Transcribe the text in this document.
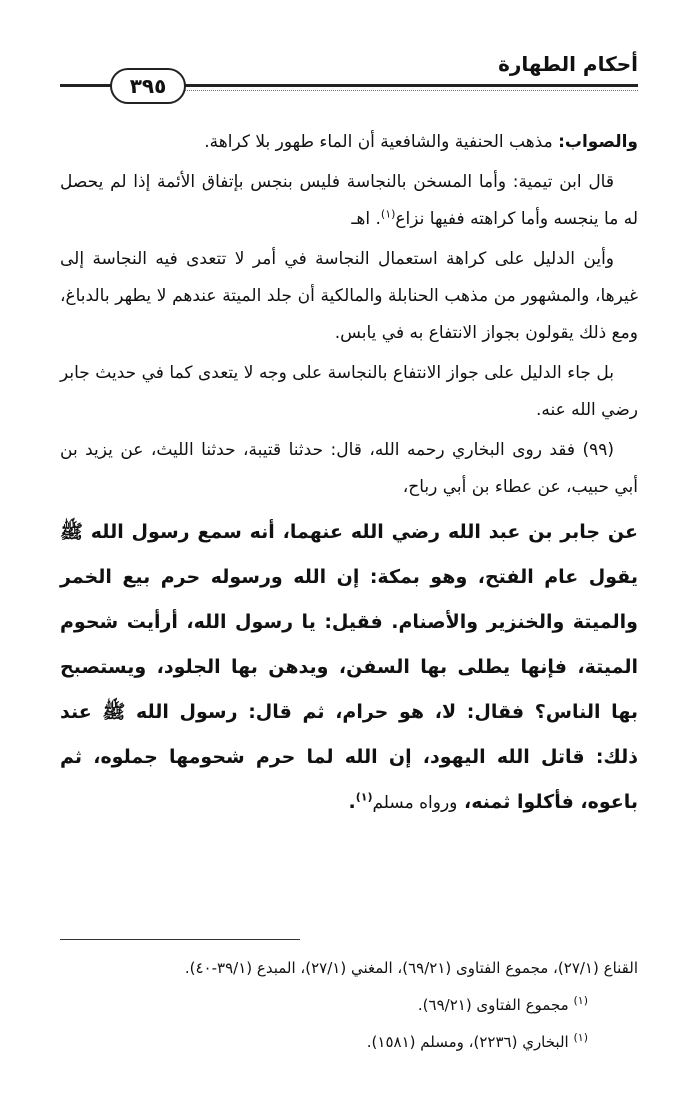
أحكام الطهارة
٣٩٥

والصواب: مذهب الحنفية والشافعية أن الماء طهور بلا كراهة.

قال ابن تيمية: وأما المسخن بالنجاسة فليس بنجس بإتفاق الأئمة إذا لم يحصل له ما ينجسه وأما كراهته ففيها نزاع$^{(١)}$. اهـ

وأين الدليل على كراهة استعمال النجاسة في أمر لا تتعدى فيه النجاسة إلى غيرها، والمشهور من مذهب الحنابلة والمالكية أن جلد الميتة عندهم لا يطهر بالدباغ، ومع ذلك يقولون بجواز الانتفاع به في يابس.

بل جاء الدليل على جواز الانتفاع بالنجاسة على وجه لا يتعدى كما في حديث جابر رضي الله عنه.

(٩٩) فقد روى البخاري رحمه الله، قال: حدثنا قتيبة، حدثنا الليث، عن يزيد بن أبي حبيب، عن عطاء بن أبي رباح،

عن جابر بن عبد الله رضي الله عنهما، أنه سمع رسول الله ﷺ يقول عام الفتح، وهو بمكة: إن الله ورسوله حرم بيع الخمر والميتة والخنزير والأصنام. فقيل: يا رسول الله، أرأيت شحوم الميتة، فإنها يطلى بها السفن، ويدهن بها الجلود، ويستصبح بها الناس؟ فقال: لا، هو حرام، ثم قال: رسول الله ﷺ عند ذلك: قاتل الله اليهود، إن الله لما حرم شحومها جملوه، ثم باعوه، فأكلوا ثمنه، ورواه مسلم$^{(١)}$.

القناع (٢٧/١)، مجموع الفتاوى (٦٩/٢١)، المغني (٢٧/١)، المبدع (٣٩/١-٤٠).

$^{(١)}$ مجموع الفتاوى (٦٩/٢١).

$^{(١)}$ البخاري (٢٢٣٦)، ومسلم (١٥٨١).
